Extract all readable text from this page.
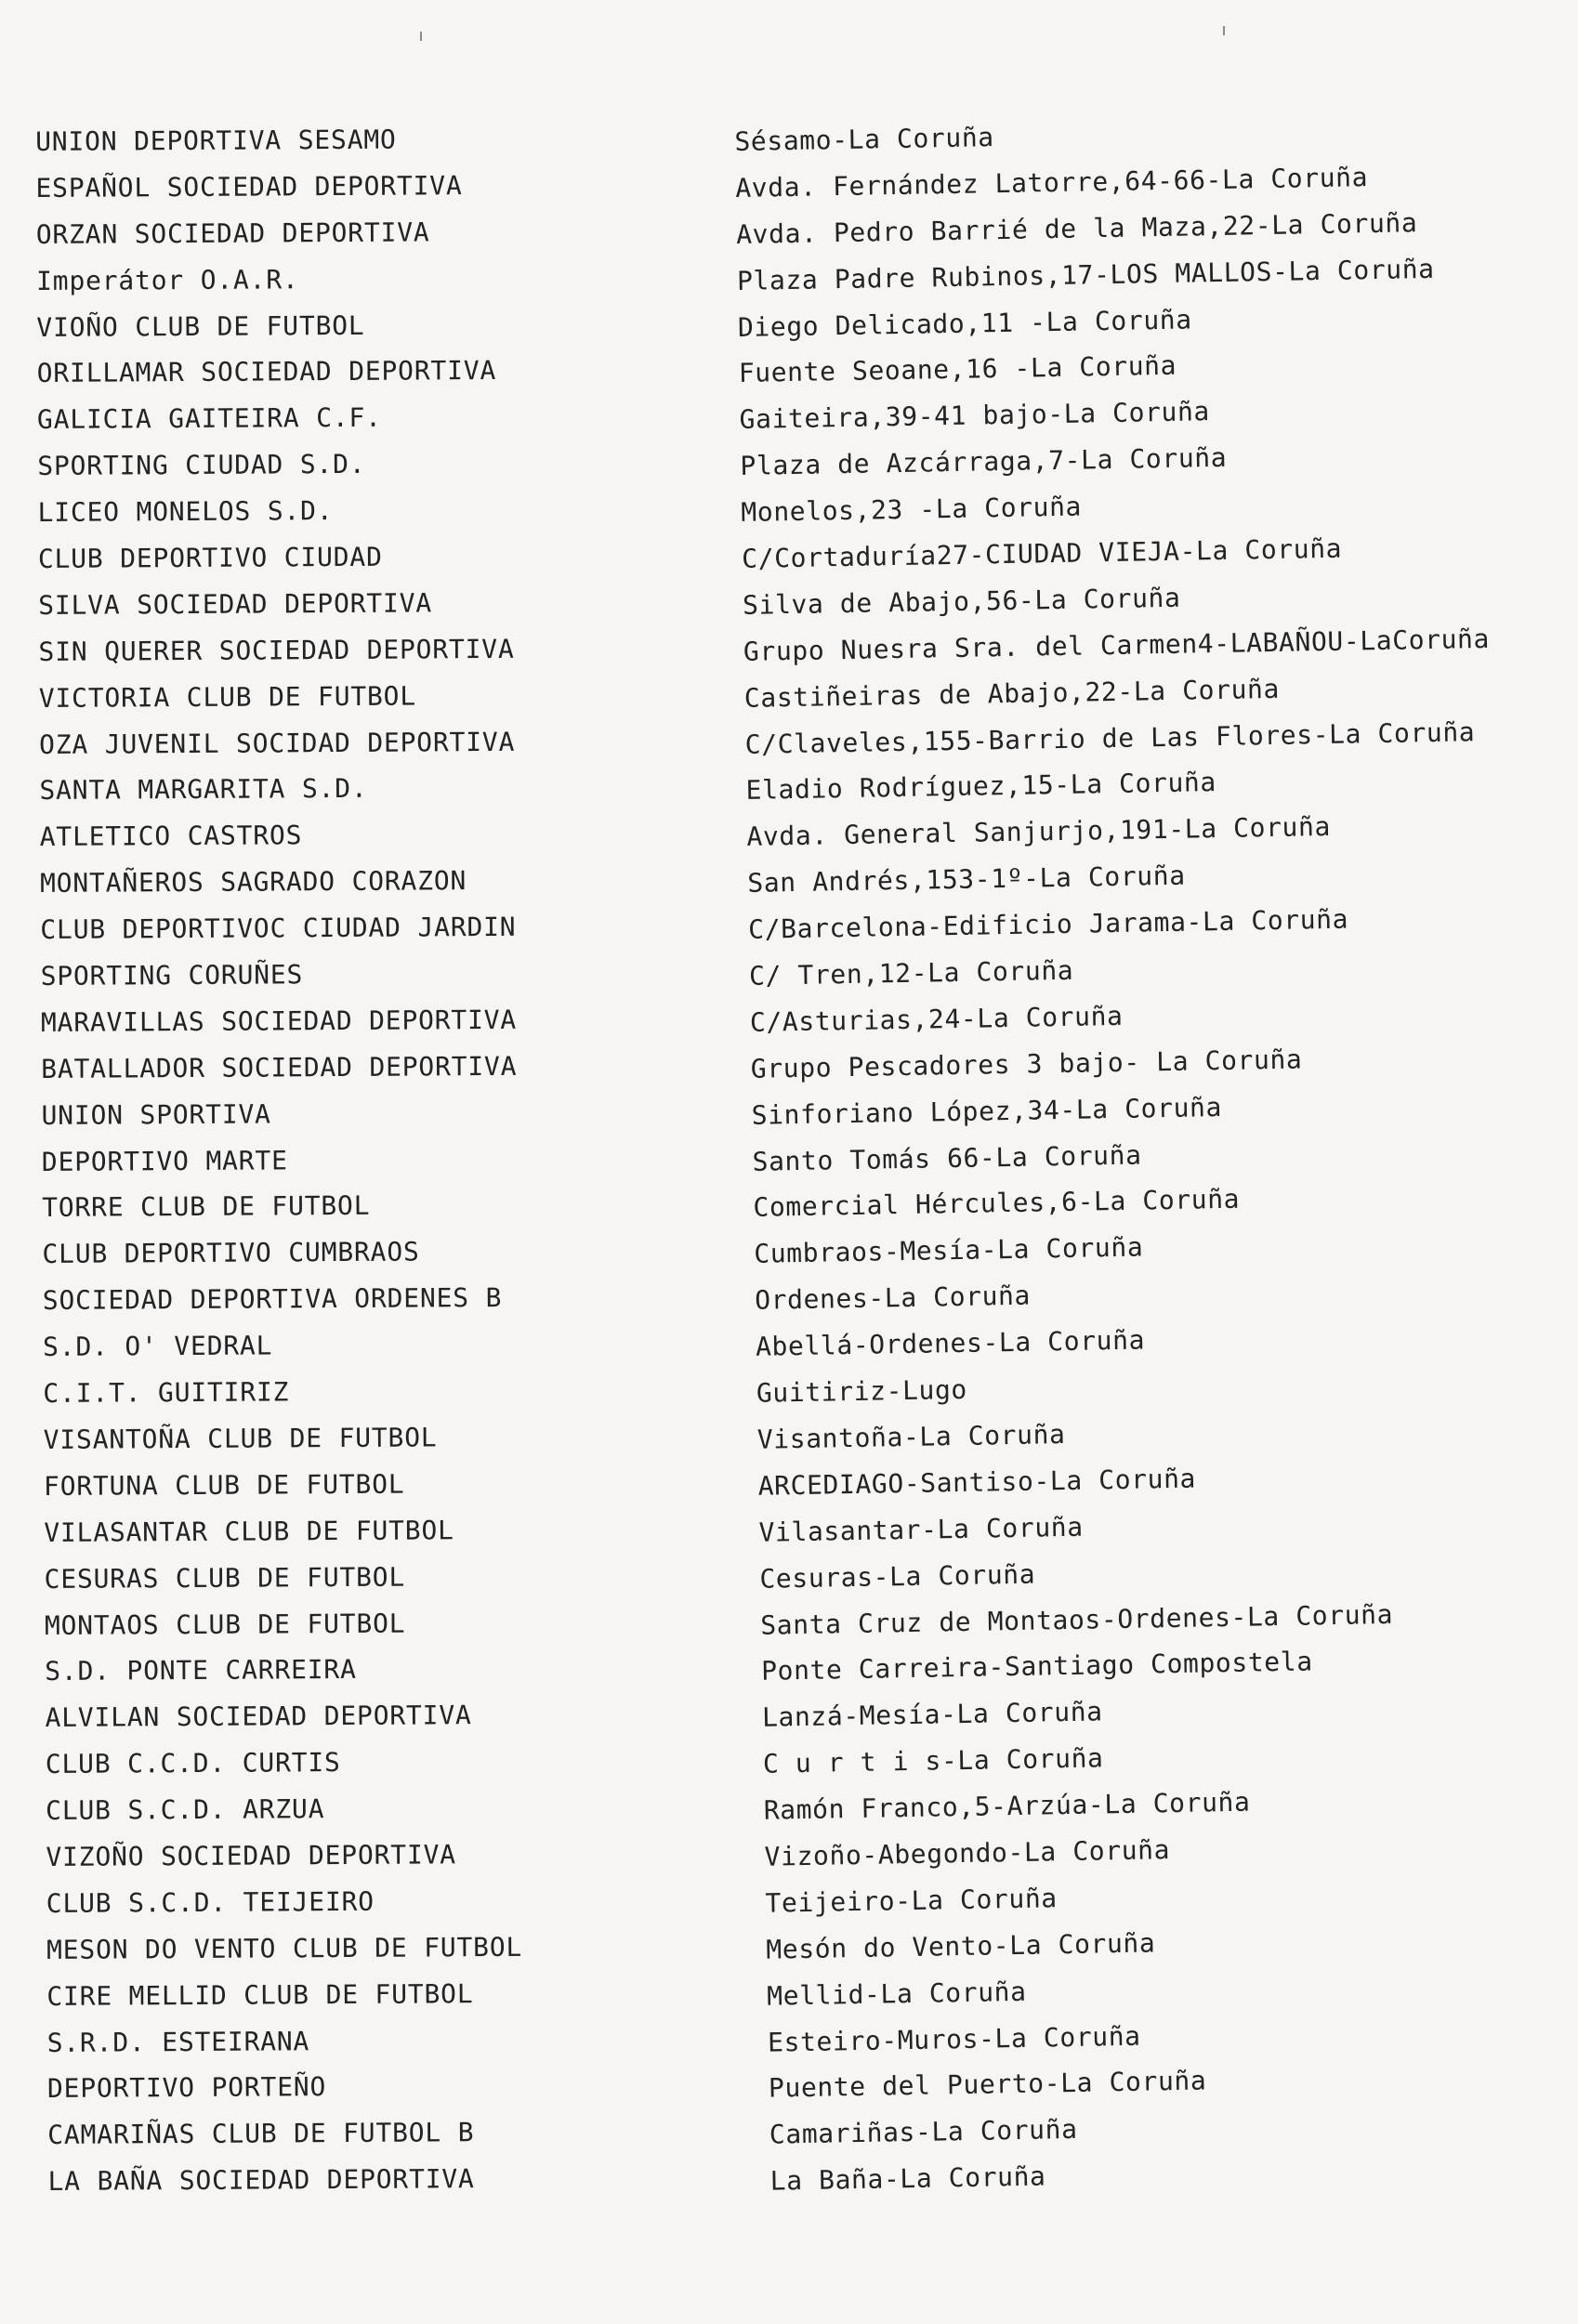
UNION DEPORTIVA SESAMO
ESPAÑOL SOCIEDAD DEPORTIVA
ORZAN SOCIEDAD DEPORTIVA
Imperátor O.A.R.
VIOÑO CLUB DE FUTBOL
ORILLAMAR SOCIEDAD DEPORTIVA
GALICIA GAITEIRA C.F.
SPORTING CIUDAD S.D.
LICEO MONELOS S.D.
CLUB DEPORTIVO CIUDAD
SILVA SOCIEDAD DEPORTIVA
SIN QUERER SOCIEDAD DEPORTIVA
VICTORIA CLUB DE FUTBOL
OZA JUVENIL SOCIDAD DEPORTIVA
SANTA MARGARITA S.D.
ATLETICO CASTROS
MONTAÑEROS SAGRADO CORAZON
CLUB DEPORTIVOC CIUDAD JARDIN
SPORTING CORUÑES
MARAVILLAS SOCIEDAD DEPORTIVA
BATALLADOR SOCIEDAD DEPORTIVA
UNION SPORTIVA
DEPORTIVO MARTE
TORRE CLUB DE FUTBOL
CLUB DEPORTIVO CUMBRAOS
SOCIEDAD DEPORTIVA ORDENES B
S.D. O' VEDRAL
C.I.T. GUITIRIZ
VISANTOÑA CLUB DE FUTBOL
FORTUNA CLUB DE FUTBOL
VILASANTAR CLUB DE FUTBOL
CESURAS CLUB DE FUTBOL
MONTAOS CLUB DE FUTBOL
S.D. PONTE CARREIRA
ALVILAN SOCIEDAD DEPORTIVA
CLUB C.C.D. CURTIS
CLUB S.C.D. ARZUA
VIZOÑO SOCIEDAD DEPORTIVA
CLUB S.C.D. TEIJEIRO
MESON DO VENTO CLUB DE FUTBOL
CIRE MELLID CLUB DE FUTBOL
S.R.D. ESTEIRANA
DEPORTIVO PORTEÑO
CAMARIÑAS CLUB DE FUTBOL B
LA BAÑA SOCIEDAD DEPORTIVA
Sésamo-La Coruña
Avda. Fernández Latorre,64-66-La Coruña
Avda. Pedro Barrié de la Maza,22-La Coruña
Plaza Padre Rubinos,17-LOS MALLOS-La Coruña
Diego Delicado,11 -La Coruña
Fuente Seoane,16 -La Coruña
Gaiteira,39-41 bajo-La Coruña
Plaza de Azcárraga,7-La Coruña
Monelos,23 -La Coruña
C/Cortaduría27-CIUDAD VIEJA-La Coruña
Silva de Abajo,56-La Coruña
Grupo Nuesra Sra. del Carmen4-LABAÑOU-LaCoruña
Castiñeiras de Abajo,22-La Coruña
C/Claveles,155-Barrio de Las Flores-La Coruña
Eladio Rodríguez,15-La Coruña
Avda. General Sanjurjo,191-La Coruña
San Andrés,153-1º-La Coruña
C/Barcelona-Edificio Jarama-La Coruña
C/ Tren,12-La Coruña
C/Asturias,24-La Coruña
Grupo Pescadores 3 bajo- La Coruña
Sinforiano López,34-La Coruña
Santo Tomás 66-La Coruña
Comercial Hércules,6-La Coruña
Cumbraos-Mesía-La Coruña
Ordenes-La Coruña
Abellá-Ordenes-La Coruña
Guitiriz-Lugo
Visantoña-La Coruña
ARCEDIAGO-Santiso-La Coruña
Vilasantar-La Coruña
Cesuras-La Coruña
Santa Cruz de Montaos-Ordenes-La Coruña
Ponte Carreira-Santiago Compostela
Lanzá-Mesía-La Coruña
C u r t i s-La Coruña
Ramón Franco,5-Arzúa-La Coruña
Vizoño-Abegondo-La Coruña
Teijeiro-La Coruña
Mesón do Vento-La Coruña
Mellid-La Coruña
Esteiro-Muros-La Coruña
Puente del Puerto-La Coruña
Camariñas-La Coruña
La Baña-La Coruña
